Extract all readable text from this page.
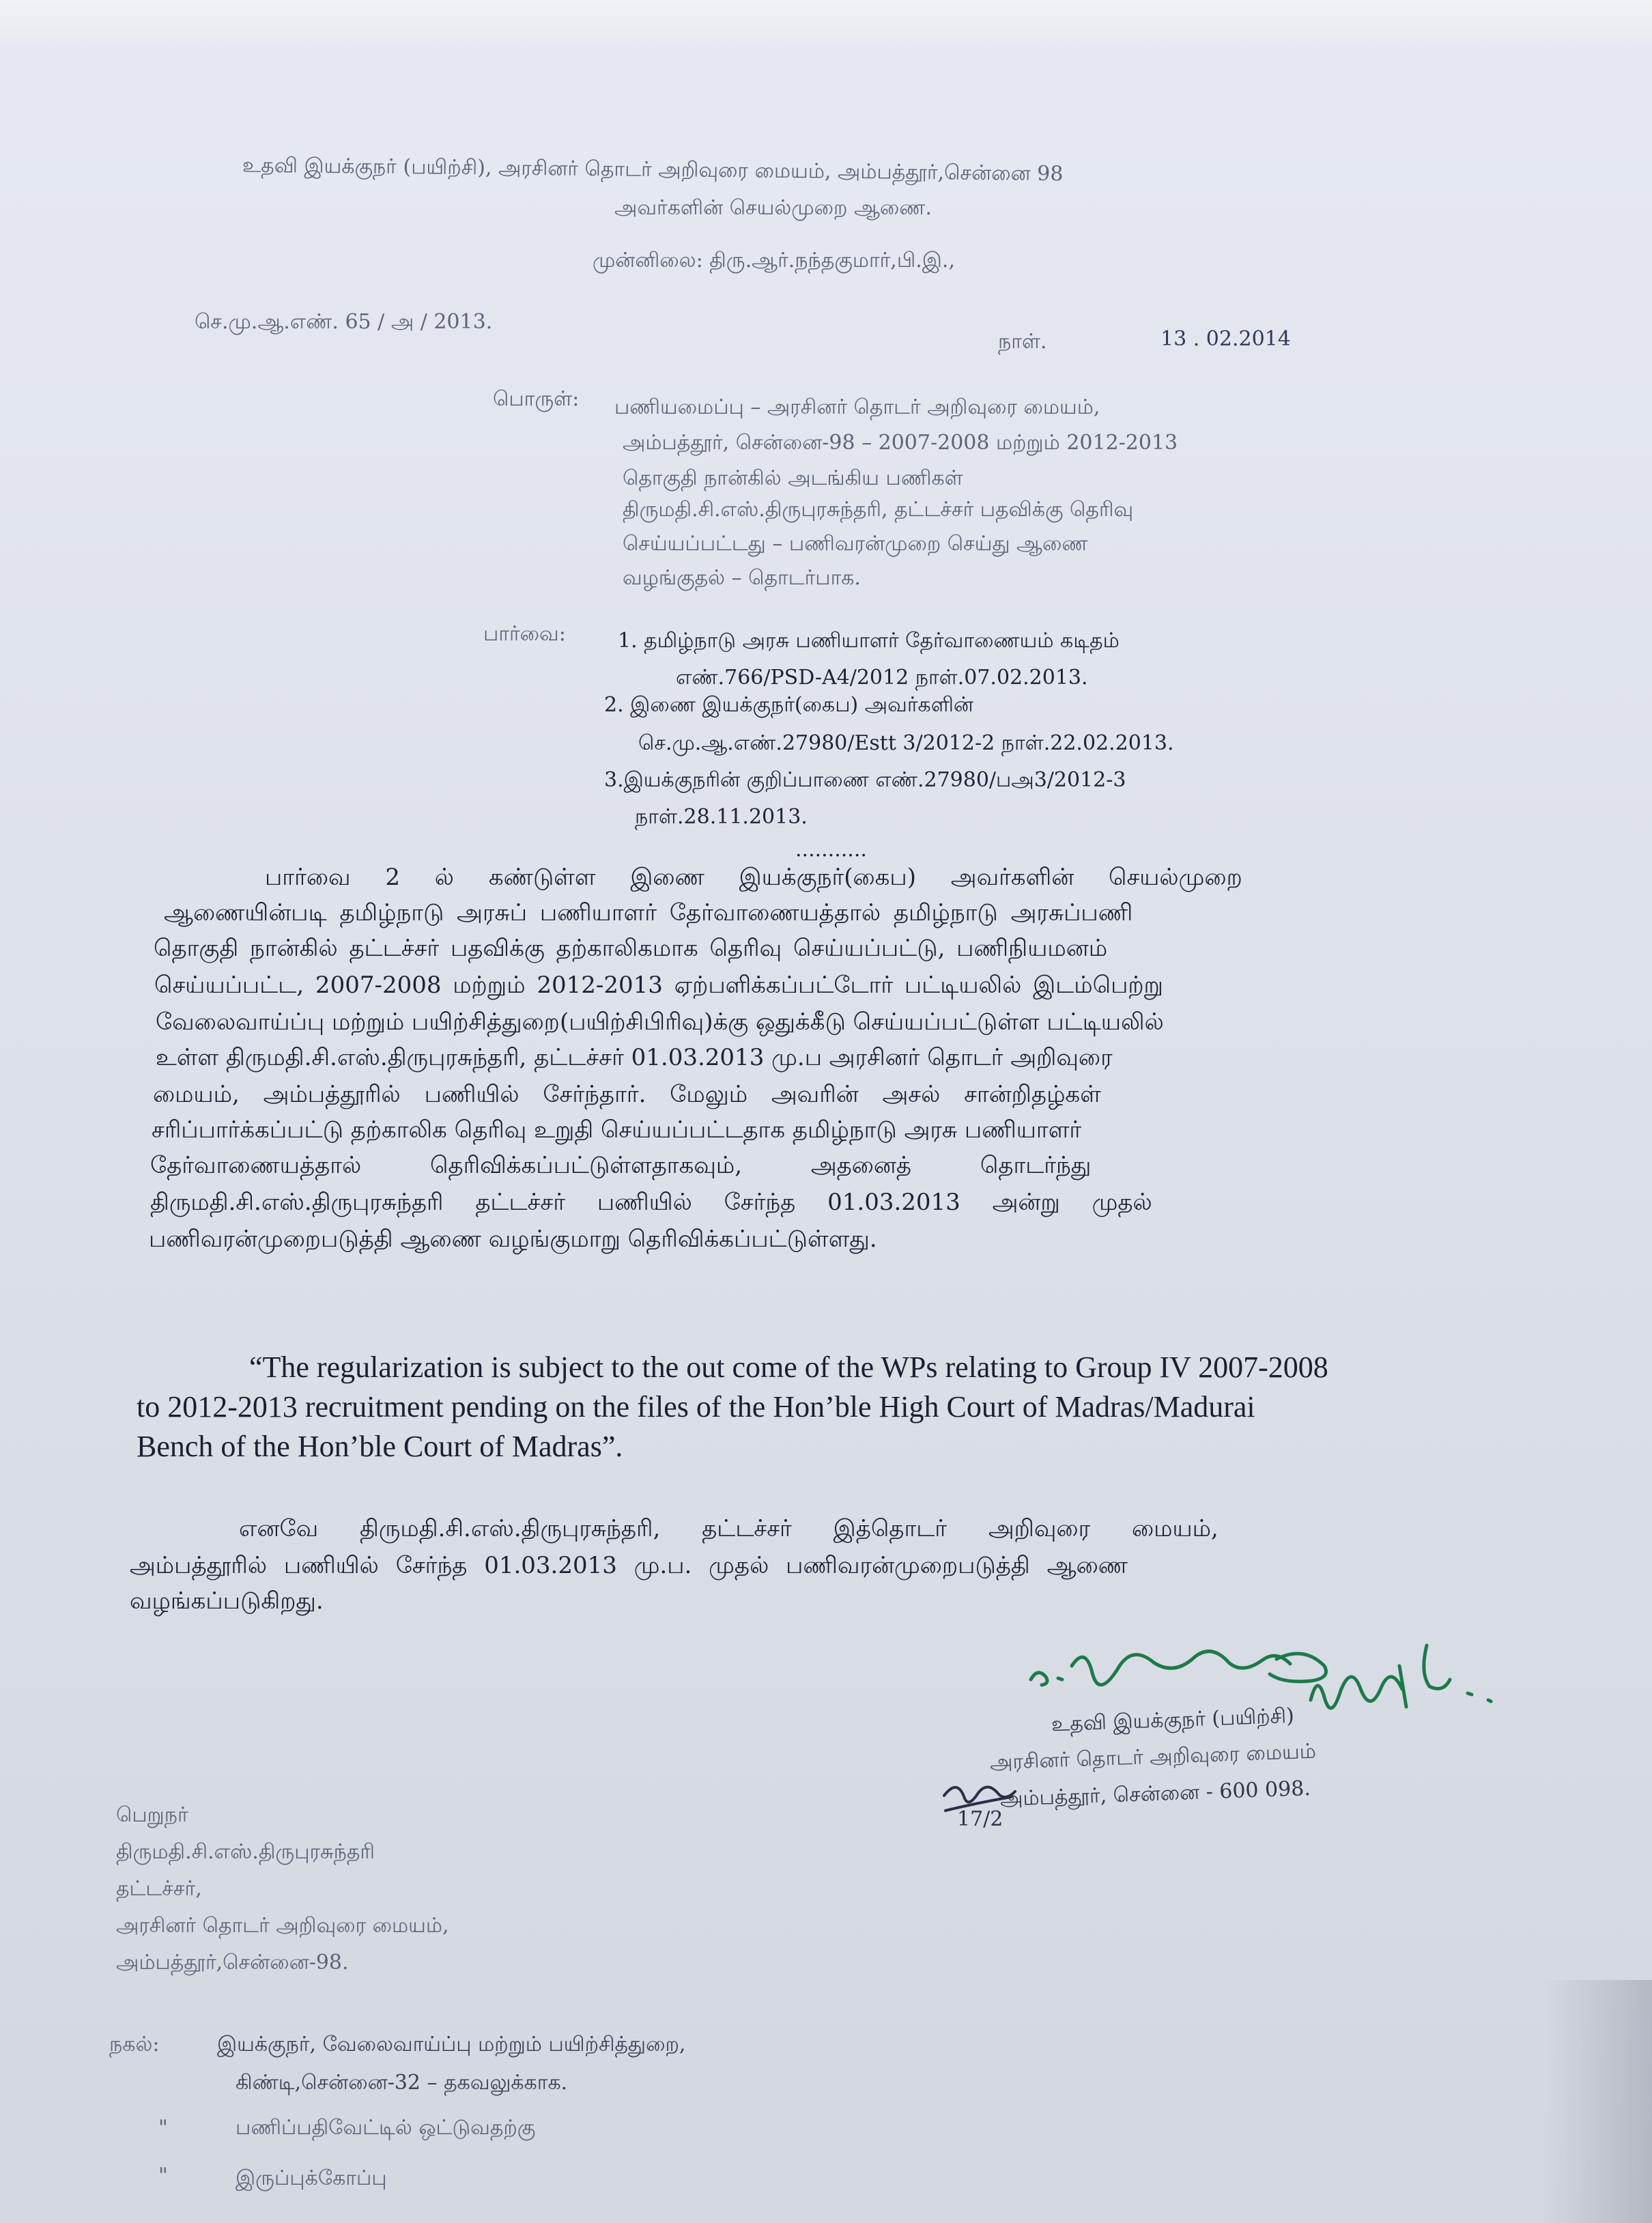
உதவி இயக்குநர் (பயிற்சி), அரசினர் தொடர் அறிவுரை மையம், அம்பத்தூர்,சென்னை 98
அவர்களின் செயல்முறை ஆணை.
முன்னிலை: திரு.ஆர்.நந்தகுமார்,பி.இ.,
செ.மு.ஆ.எண். 65 / அ / 2013.
நாள்.	13 . 02.2014
பொருள்: பணியமைப்பு – அரசினர் தொடர் அறிவுரை மையம்,
அம்பத்தூர், சென்னை-98 – 2007-2008 மற்றும் 2012-2013
தொகுதி நான்கில் அடங்கிய பணிகள்
திருமதி.சி.எஸ்.திருபுரசுந்தரி, தட்டச்சர் பதவிக்கு தெரிவு
செய்யப்பட்டது – பணிவரன்முறை செய்து ஆணை
வழங்குதல் – தொடர்பாக.
பார்வை:	1. தமிழ்நாடு அரசு பணியாளர் தேர்வாணையம் கடிதம்
எண்.766/PSD-A4/2012 நாள்.07.02.2013.
2. இணை இயக்குநர்(கைப) அவர்களின்
செ.மு.ஆ.எண்.27980/Estt 3/2012-2 நாள்.22.02.2013.
3.இயக்குநரின் குறிப்பாணை எண்.27980/பஅ3/2012-3
நாள்.28.11.2013.
...........
பார்வை 2 ல் கண்டுள்ள இணை இயக்குநர்(கைப) அவர்களின் செயல்முறை
ஆணையின்படி தமிழ்நாடு அரசுப் பணியாளர் தேர்வாணையத்தால் தமிழ்நாடு அரசுப்பணி
தொகுதி நான்கில் தட்டச்சர் பதவிக்கு தற்காலிகமாக தெரிவு செய்யப்பட்டு, பணிநியமனம்
செய்யப்பட்ட, 2007-2008 மற்றும் 2012-2013 ஏற்பளிக்கப்பட்டோர் பட்டியலில் இடம்பெற்று
வேலைவாய்ப்பு மற்றும் பயிற்சித்துறை(பயிற்சிபிரிவு)க்கு ஒதுக்கீடு செய்யப்பட்டுள்ள பட்டியலில்
உள்ள திருமதி.சி.எஸ்.திருபுரசுந்தரி, தட்டச்சர் 01.03.2013 மு.ப அரசினர் தொடர் அறிவுரை
மையம், அம்பத்தூரில் பணியில் சேர்ந்தார். மேலும் அவரின் அசல் சான்றிதழ்கள்
சரிப்பார்க்கப்பட்டு தற்காலிக தெரிவு உறுதி செய்யப்பட்டதாக தமிழ்நாடு அரசு பணியாளர்
தேர்வாணையத்தால் தெரிவிக்கப்பட்டுள்ளதாகவும், அதனைத் தொடர்ந்து
திருமதி.சி.எஸ்.திருபுரசுந்தரி தட்டச்சர் பணியில் சேர்ந்த 01.03.2013 அன்று முதல்
பணிவரன்முறைபடுத்தி ஆணை வழங்குமாறு தெரிவிக்கப்பட்டுள்ளது.
“The regularization is subject to the out come of the WPs relating to Group IV 2007-2008
to 2012-2013 recruitment pending on the files of the Hon’ble High Court of Madras/Madurai
Bench of the Hon’ble Court of Madras”.
எனவே திருமதி.சி.எஸ்.திருபுரசுந்தரி, தட்டச்சர் இத்தொடர் அறிவுரை மையம்,
அம்பத்தூரில் பணியில் சேர்ந்த 01.03.2013 மு.ப. முதல் பணிவரன்முறைபடுத்தி ஆணை
வழங்கப்படுகிறது.
உதவி இயக்குநர் (பயிற்சி)
அரசினர் தொடர் அறிவுரை மையம்
அம்பத்தூர், சென்னை - 600 098.
17/2
பெறுநர்
திருமதி.சி.எஸ்.திருபுரசுந்தரி
தட்டச்சர்,
அரசினர் தொடர் அறிவுரை மையம்,
அம்பத்தூர்,சென்னை-98.
நகல்:	இயக்குநர், வேலைவாய்ப்பு மற்றும் பயிற்சித்துறை,
கிண்டி,சென்னை-32 – தகவலுக்காக.
"	பணிப்பதிவேட்டில் ஒட்டுவதற்கு
"	இருப்புக்கோப்பு
